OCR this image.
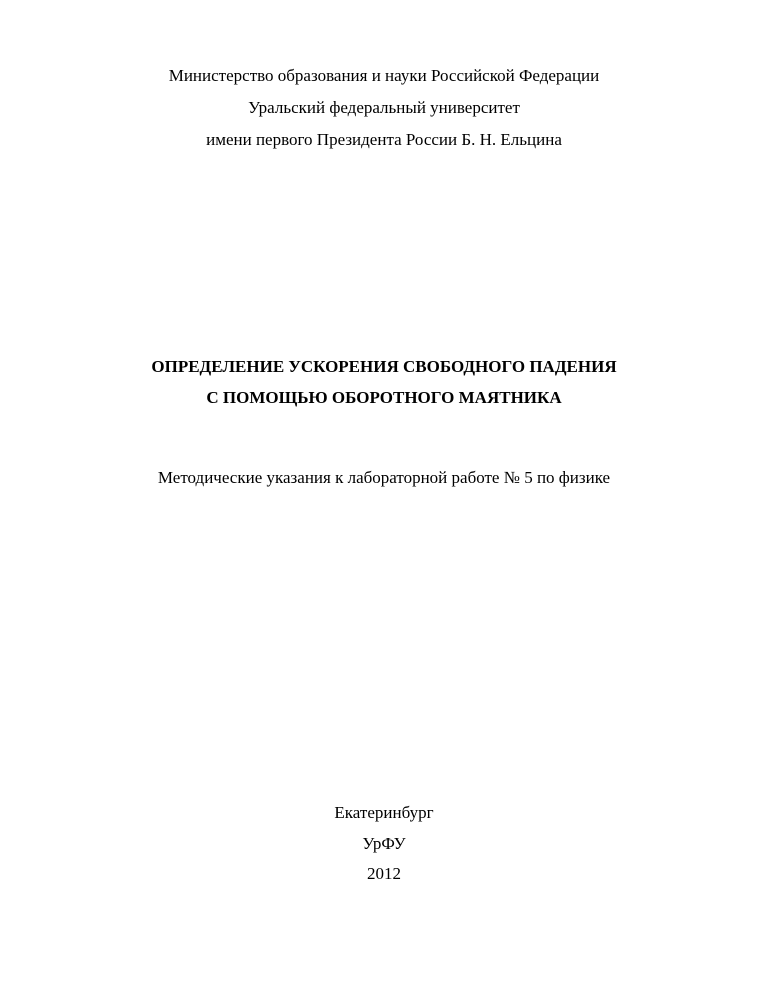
Министерство образования и науки Российской Федерации
Уральский федеральный университет
имени первого Президента России Б. Н. Ельцина
ОПРЕДЕЛЕНИЕ УСКОРЕНИЯ СВОБОДНОГО ПАДЕНИЯ
С ПОМОЩЬЮ ОБОРОТНОГО МАЯТНИКА
Методические указания к лабораторной работе № 5 по физике
Екатеринбург
УрФУ
2012
